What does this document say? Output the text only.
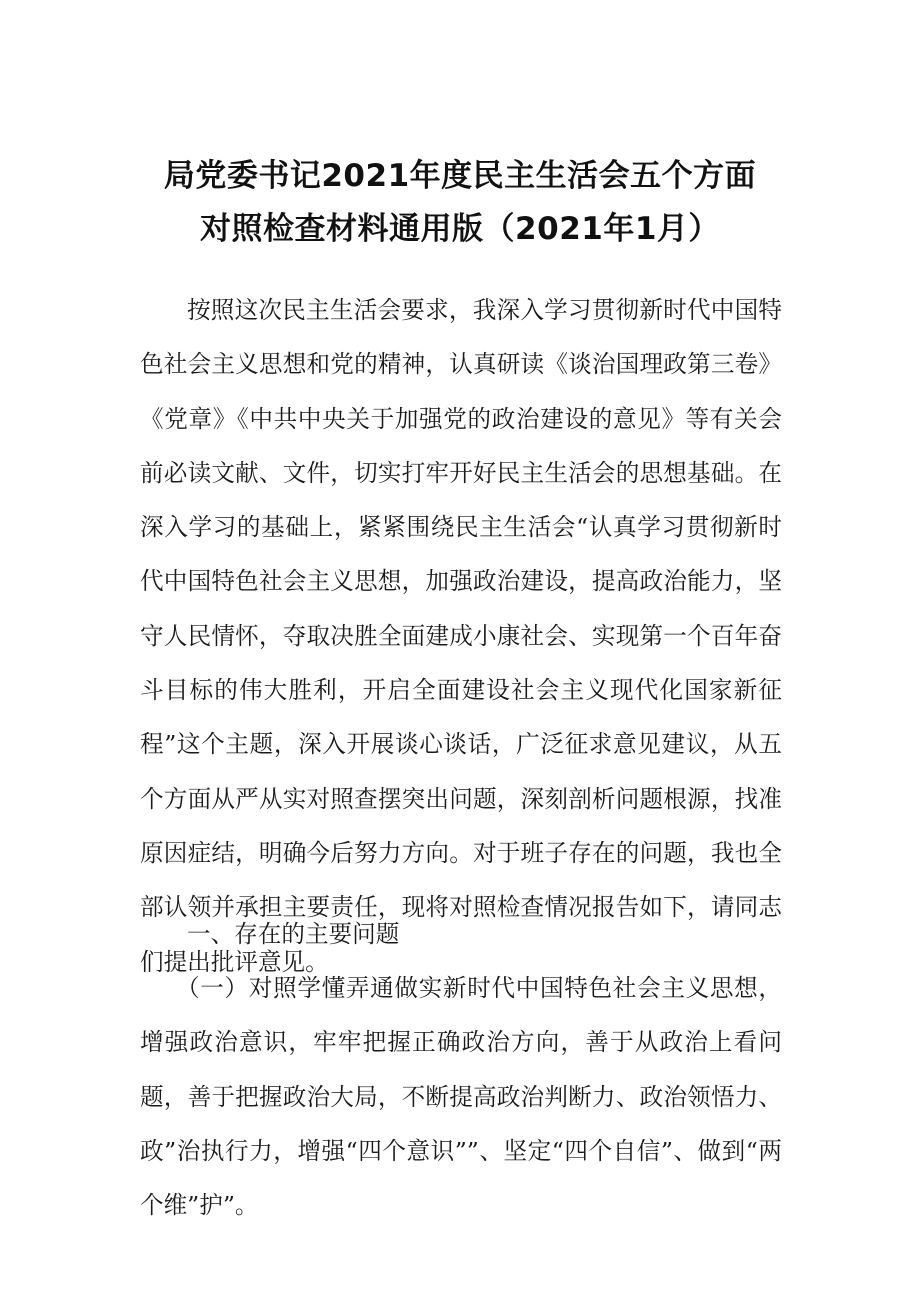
局党委书记2021年度民主生活会五个方面
对照检查材料通用版（2021年1月）

按照这次民主生活会要求，我深入学习贯彻新时代中国特色社会主义思想和党的精神，认真研读《谈治国理政第三卷》《党章》《中共中央关于加强党的政治建设的意见》等有关会前必读文献、文件，切实打牢开好民主生活会的思想基础。在深入学习的基础上，紧紧围绕民主生活会“认真学习贯彻新时代中国特色社会主义思想，加强政治建设，提高政治能力，坚守人民情怀，夺取决胜全面建成小康社会、实现第一个百年奋斗目标的伟大胜利，开启全面建设社会主义现代化国家新征程”这个主题，深入开展谈心谈话，广泛征求意见建议，从五个方面从严从实对照查摆突出问题，深刻剖析问题根源，找准原因症结，明确今后努力方向。对于班子存在的问题，我也全部认领并承担主要责任，现将对照检查情况报告如下，请同志们提出批评意见。

一、存在的主要问题

（一）对照学懂弄通做实新时代中国特色社会主义思想，增强政治意识，牢牢把握正确政治方向，善于从政治上看问题，善于把握政治大局，不断提高政治判断力、政治领悟力、政”治执行力，增强“四个意识””、坚定“四个自信”、做到“两个维”护”。
